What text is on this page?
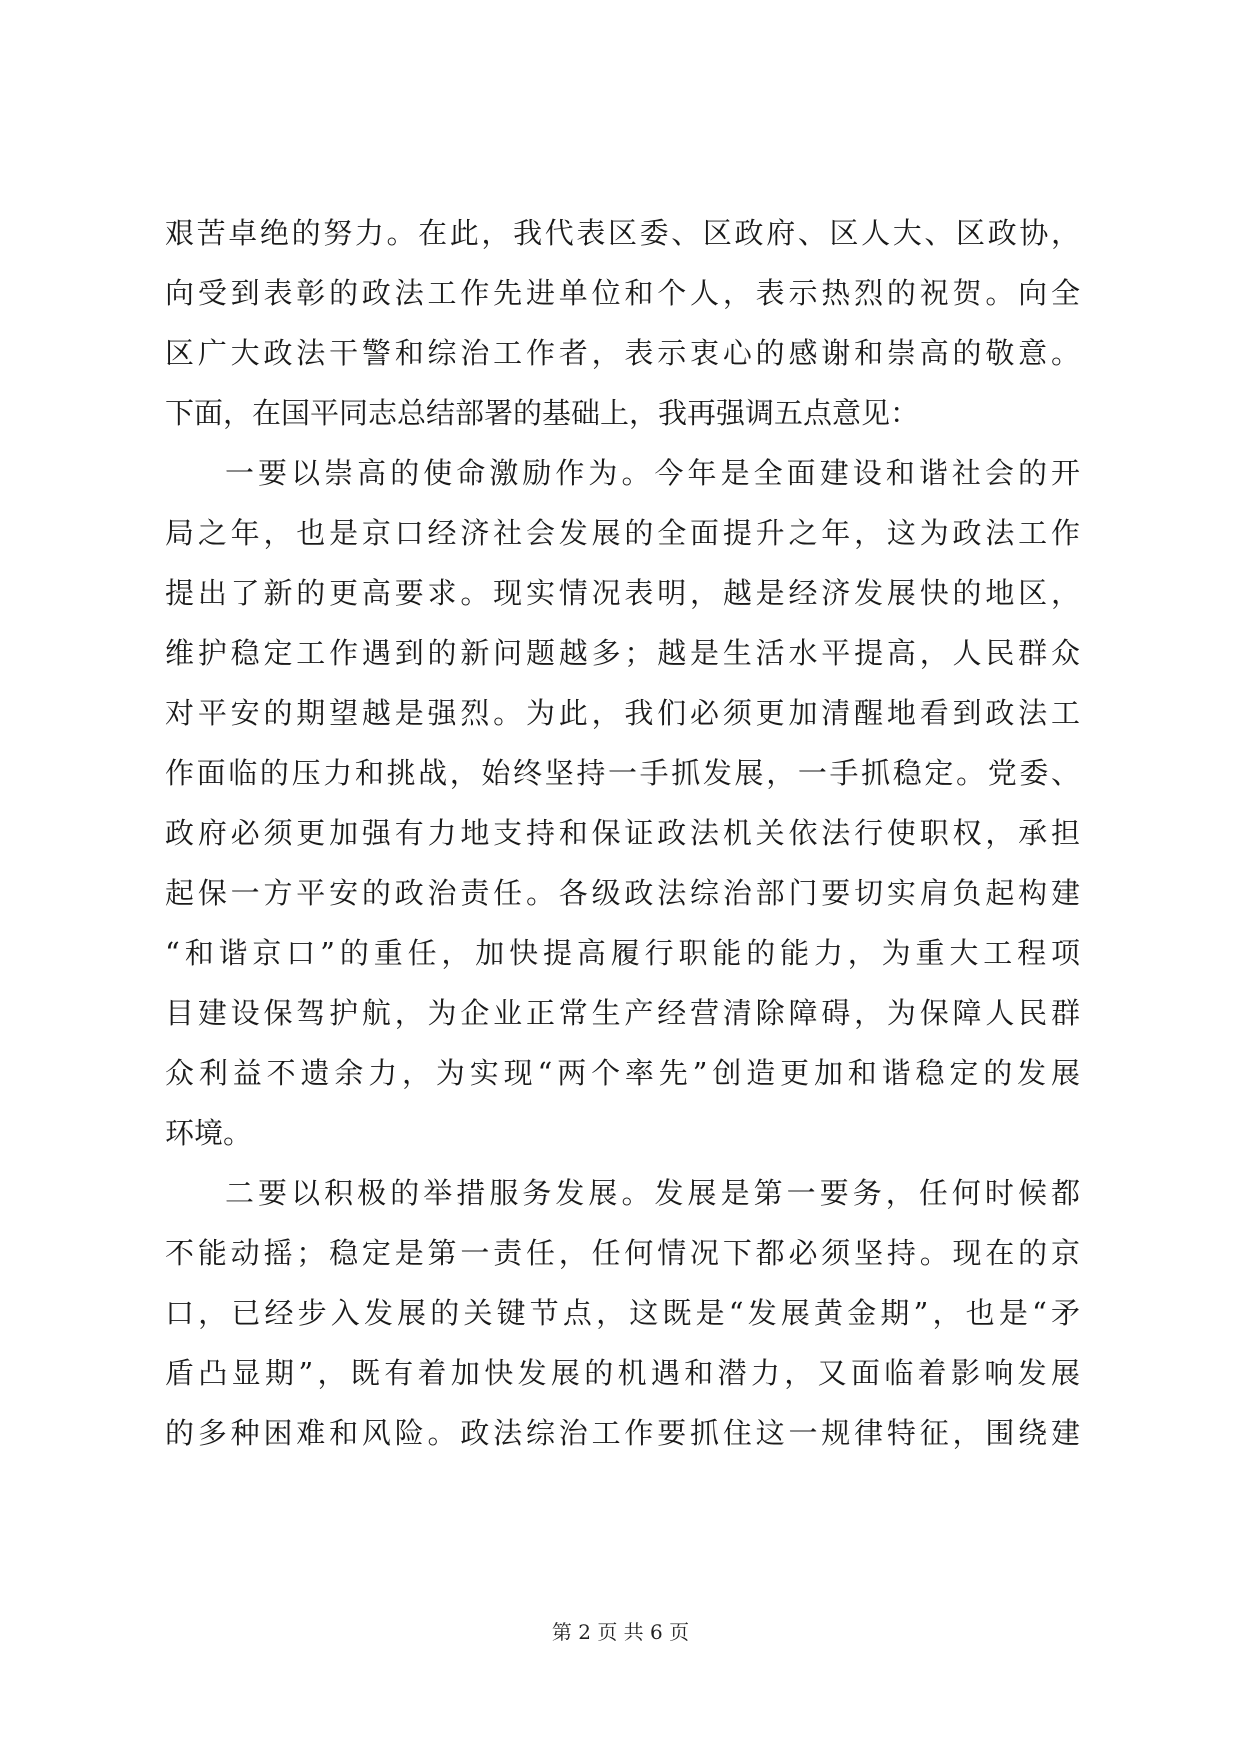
艰苦卓绝的努力。在此，我代表区委、区政府、区人大、区政协，
向受到表彰的政法工作先进单位和个人，表示热烈的祝贺。向全
区广大政法干警和综治工作者，表示衷心的感谢和崇高的敬意。
下面，在国平同志总结部署的基础上，我再强调五点意见：
一要以崇高的使命激励作为。今年是全面建设和谐社会的开
局之年，也是京口经济社会发展的全面提升之年，这为政法工作
提出了新的更高要求。现实情况表明，越是经济发展快的地区，
维护稳定工作遇到的新问题越多；越是生活水平提高，人民群众
对平安的期望越是强烈。为此，我们必须更加清醒地看到政法工
作面临的压力和挑战，始终坚持一手抓发展，一手抓稳定。党委、
政府必须更加强有力地支持和保证政法机关依法行使职权，承担
起保一方平安的政治责任。各级政法综治部门要切实肩负起构建
“和谐京口”的重任，加快提高履行职能的能力，为重大工程项
目建设保驾护航，为企业正常生产经营清除障碍，为保障人民群
众利益不遗余力，为实现“两个率先”创造更加和谐稳定的发展
环境。
二要以积极的举措服务发展。发展是第一要务，任何时候都
不能动摇；稳定是第一责任，任何情况下都必须坚持。现在的京
口，已经步入发展的关键节点，这既是“发展黄金期”，也是“矛
盾凸显期”，既有着加快发展的机遇和潜力，又面临着影响发展
的多种困难和风险。政法综治工作要抓住这一规律特征，围绕建
第 2 页 共 6 页
